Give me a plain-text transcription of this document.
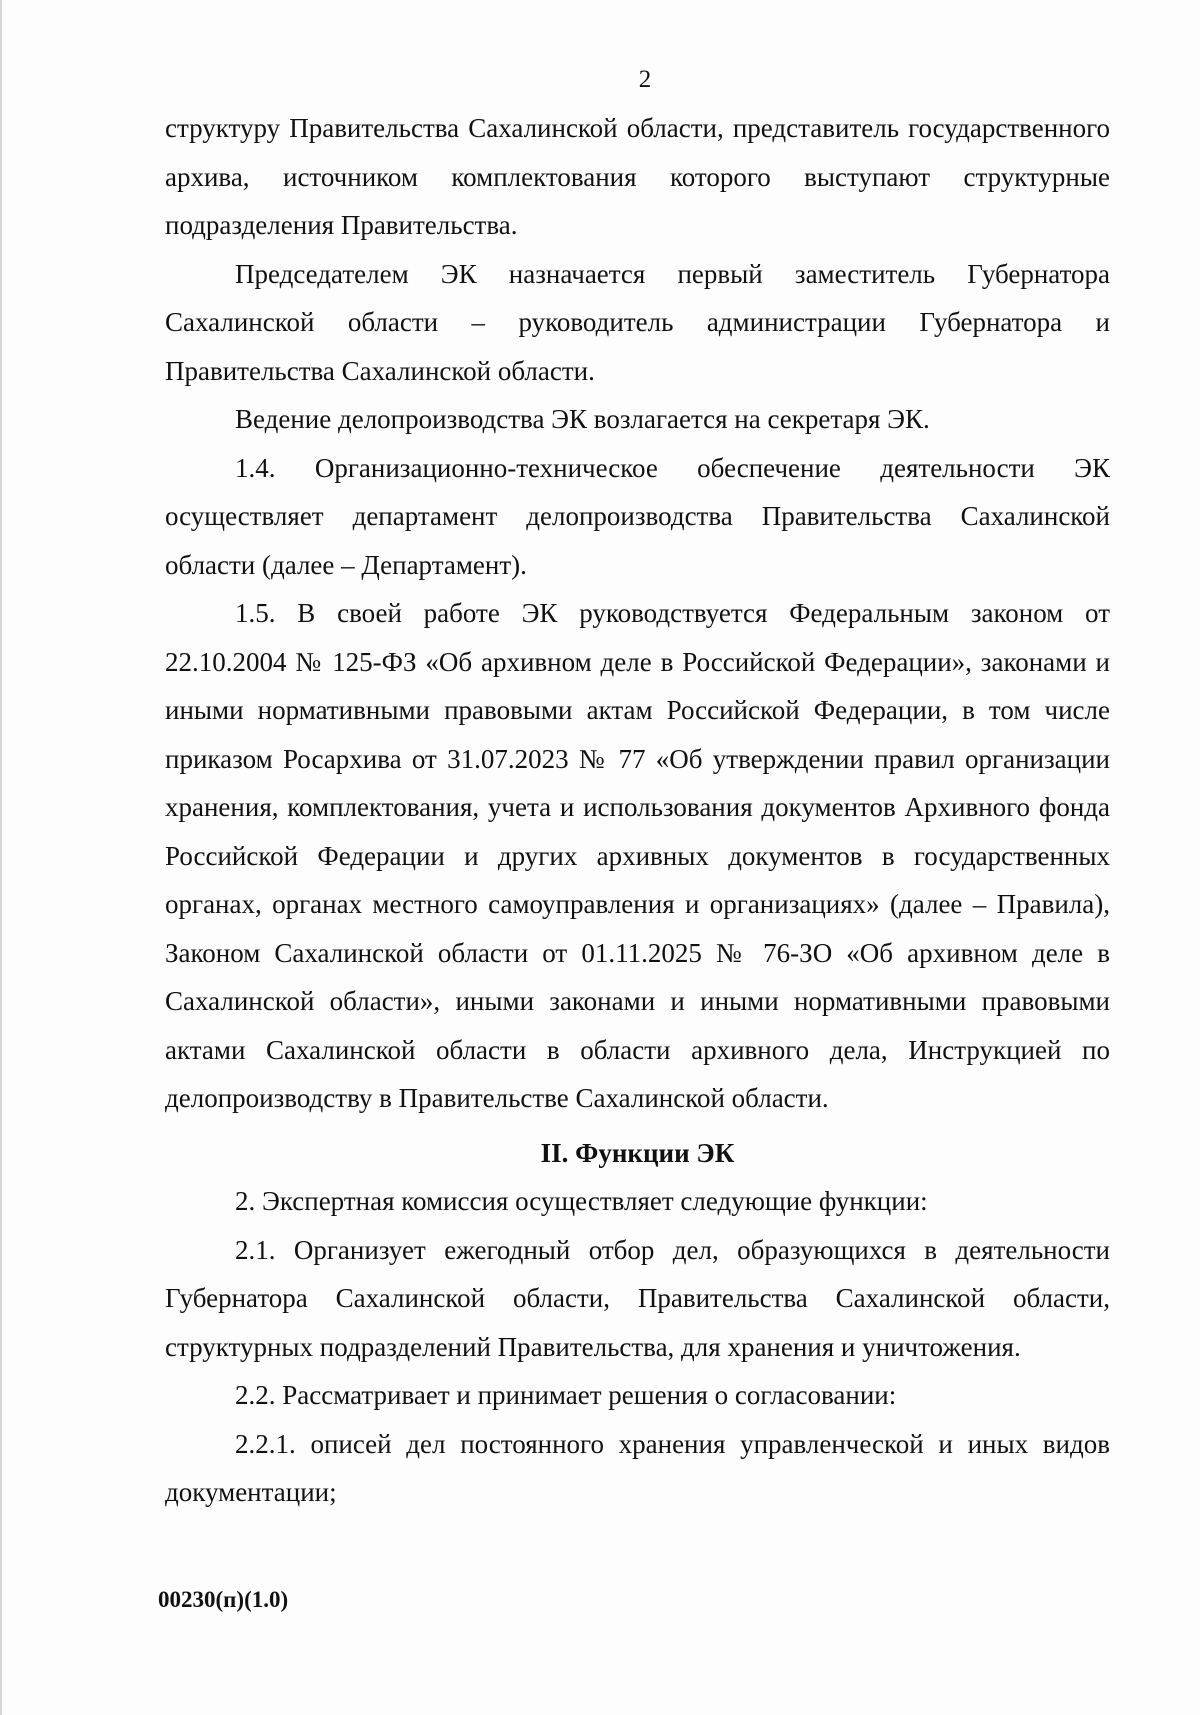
2

структуру Правительства Сахалинской области, представитель государственного архива, источником комплектования которого выступают структурные подразделения Правительства.

Председателем ЭК назначается первый заместитель Губернатора Сахалинской области – руководитель администрации Губернатора и Правительства Сахалинской области.

Ведение делопроизводства ЭК возлагается на секретаря ЭК.

1.4. Организационно-техническое обеспечение деятельности ЭК осуществляет департамент делопроизводства Правительства Сахалинской области (далее – Департамент).

1.5. В своей работе ЭК руководствуется Федеральным законом от 22.10.2004 № 125-ФЗ «Об архивном деле в Российской Федерации», законами и иными нормативными правовыми актам Российской Федерации, в том числе приказом Росархива от 31.07.2023 № 77 «Об утверждении правил организации хранения, комплектования, учета и использования документов Архивного фонда Российской Федерации и других архивных документов в государственных органах, органах местного самоуправления и организациях» (далее – Правила), Законом Сахалинской области от 01.11.2025 № 76-ЗО «Об архивном деле в Сахалинской области», иными законами и иными нормативными правовыми актами Сахалинской области в области архивного дела, Инструкцией по делопроизводству в Правительстве Сахалинской области.

II. Функции ЭК

2. Экспертная комиссия осуществляет следующие функции:

2.1. Организует ежегодный отбор дел, образующихся в деятельности Губернатора Сахалинской области, Правительства Сахалинской области, структурных подразделений Правительства, для хранения и уничтожения.

2.2. Рассматривает и принимает решения о согласовании:

2.2.1. описей дел постоянного хранения управленческой и иных видов документации;

00230(п)(1.0)
